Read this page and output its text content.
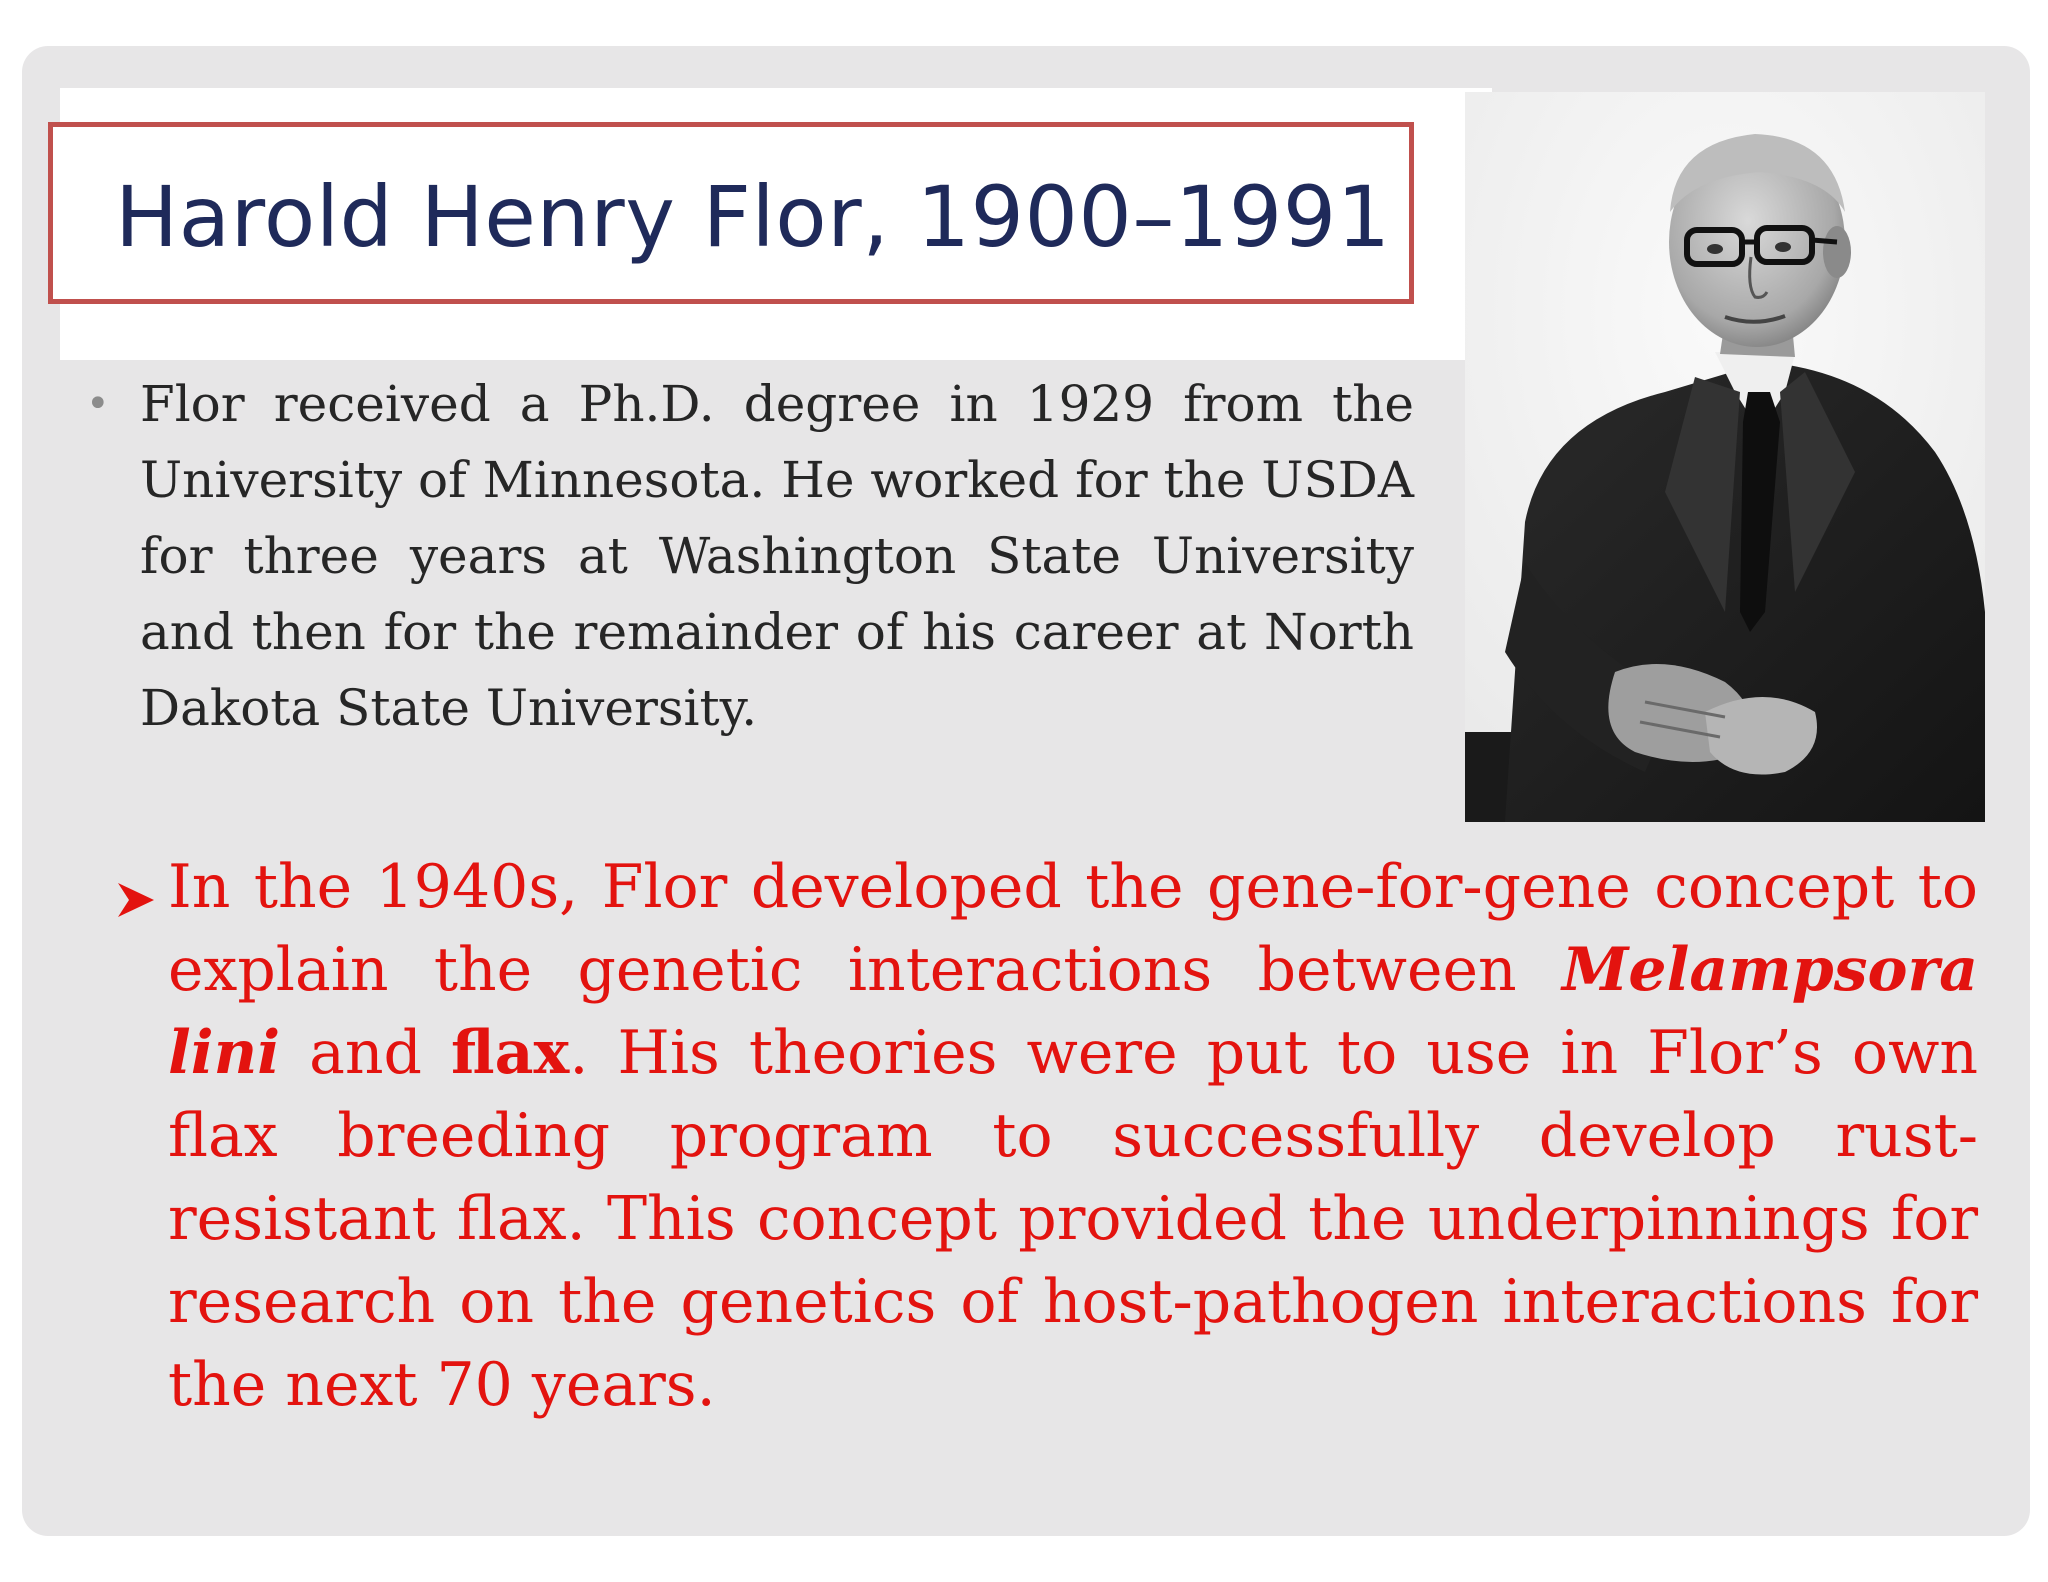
Harold Henry Flor, 1900–1991
• Flor received a Ph.D. degree in 1929 from the University of Minnesota. He worked for the USDA for three years at Washington State University and then for the remainder of his career at North Dakota State University.

In the 1940s, Flor developed the gene-for-gene concept to explain the genetic interactions between Melampsora lini and flax. His theories were put to use in Flor’s own flax breeding program to successfully develop rust-resistant flax. This concept provided the underpinnings for research on the genetics of host-pathogen interactions for the next 70 years.
